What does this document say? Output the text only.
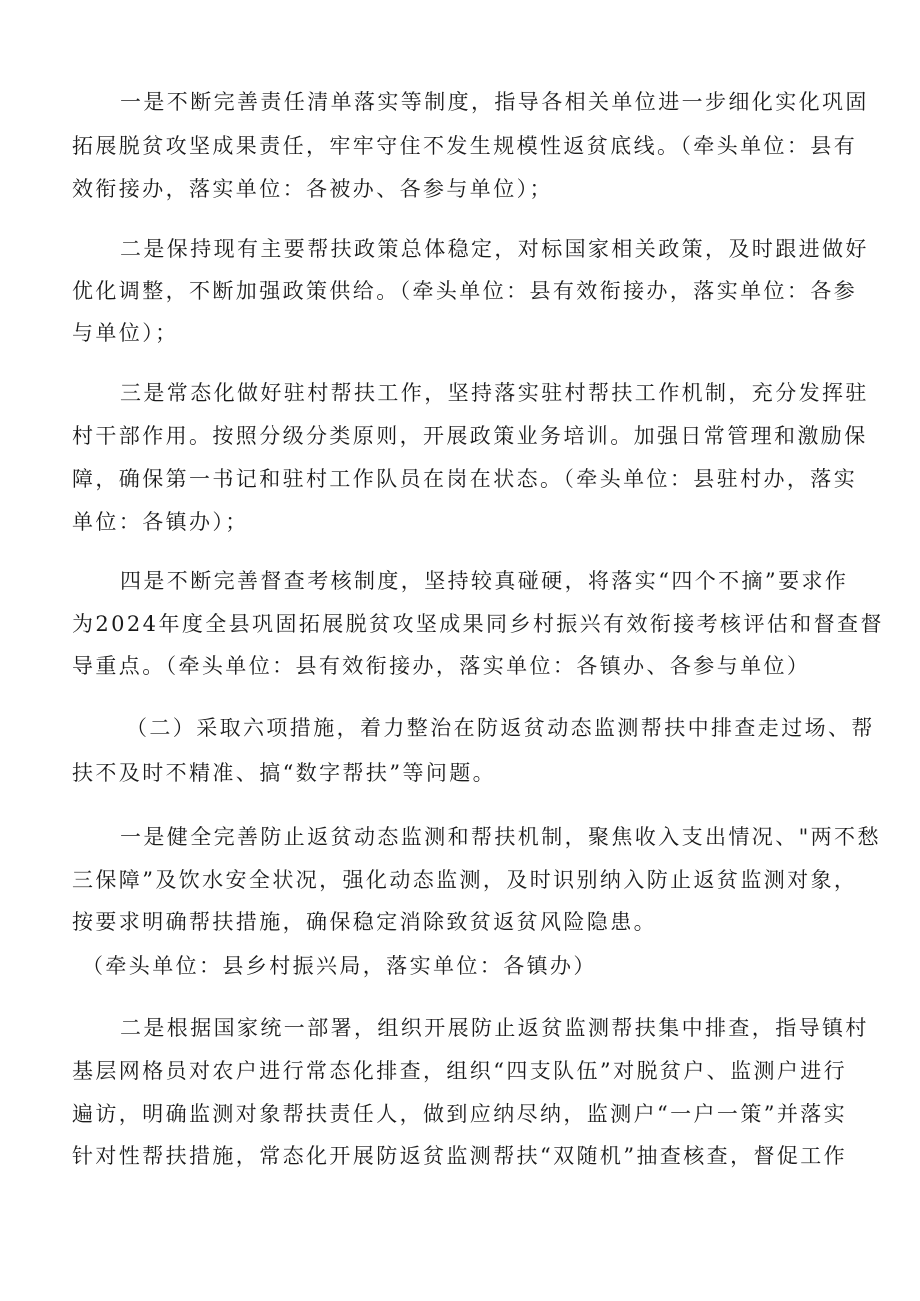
一是不断完善责任清单落实等制度，指导各相关单位进一步细化实化巩固
拓展脱贫攻坚成果责任，牢牢守住不发生规模性返贫底线。（牵头单位：县有
效衔接办，落实单位：各被办、各参与单位）；
二是保持现有主要帮扶政策总体稳定，对标国家相关政策，及时跟进做好
优化调整，不断加强政策供给。（牵头单位：县有效衔接办，落实单位：各参
与单位）；
三是常态化做好驻村帮扶工作，坚持落实驻村帮扶工作机制，充分发挥驻
村干部作用。按照分级分类原则，开展政策业务培训。加强日常管理和激励保
障，确保第一书记和驻村工作队员在岗在状态。（牵头单位：县驻村办，落实
单位：各镇办）；
四是不断完善督查考核制度，坚持较真碰硬，将落实“四个不摘”要求作
为2024年度全县巩固拓展脱贫攻坚成果同乡村振兴有效衔接考核评估和督查督
导重点。（牵头单位：县有效衔接办，落实单位：各镇办、各参与单位）
（二）采取六项措施，着力整治在防返贫动态监测帮扶中排查走过场、帮
扶不及时不精准、搞“数字帮扶”等问题。
一是健全完善防止返贫动态监测和帮扶机制，聚焦收入支出情况、"两不愁
三保障”及饮水安全状况，强化动态监测，及时识别纳入防止返贫监测对象，
按要求明确帮扶措施，确保稳定消除致贫返贫风险隐患。
（牵头单位：县乡村振兴局，落实单位：各镇办）
二是根据国家统一部署，组织开展防止返贫监测帮扶集中排查，指导镇村
基层网格员对农户进行常态化排查，组织“四支队伍”对脱贫户、监测户进行
遍访，明确监测对象帮扶责任人，做到应纳尽纳，监测户“一户一策”并落实
针对性帮扶措施，常态化开展防返贫监测帮扶“双随机”抽查核查，督促工作
